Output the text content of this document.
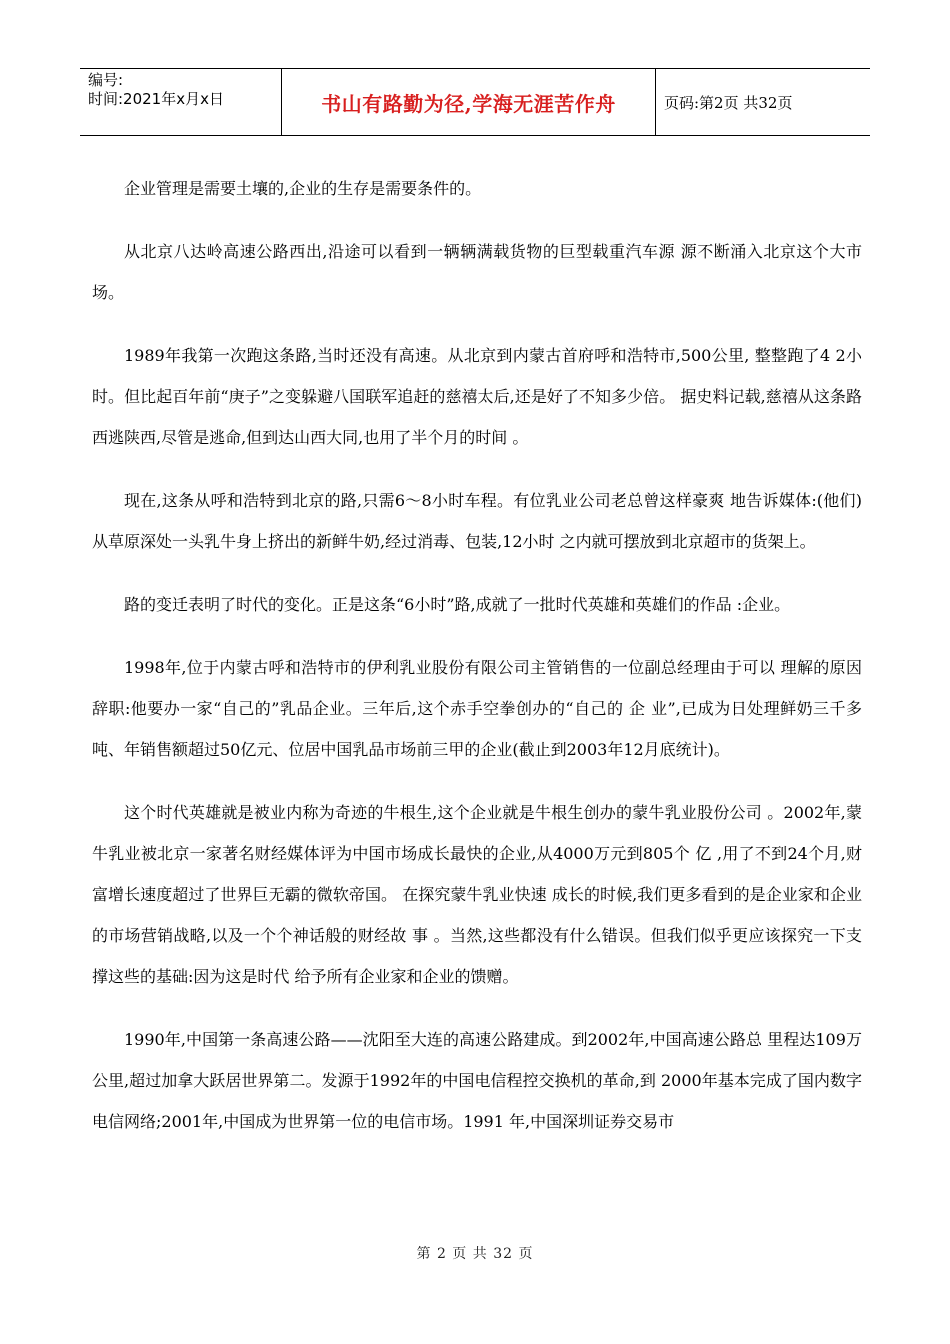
编号:
时间:2021年x月x日	书山有路勤为径,学海无涯苦作舟	页码:第2页 共32页

企业管理是需要土壤的,企业的生存是需要条件的。

从北京八达岭高速公路西出,沿途可以看到一辆辆满载货物的巨型载重汽车源 源不断涌入北京这个大市场。

1989年我第一次跑这条路,当时还没有高速。从北京到内蒙古首府呼和浩特市,500公里, 整整跑了4 2小时。但比起百年前“庚子”之变躲避八国联军追赶的慈禧太后,还是好了不知多少倍。 据史料记载,慈禧从这条路西逃陕西,尽管是逃命,但到达山西大同,也用了半个月的时间 。

现在,这条从呼和浩特到北京的路,只需6～8小时车程。有位乳业公司老总曾这样豪爽 地告诉媒体:(他们)从草原深处一头乳牛身上挤出的新鲜牛奶,经过消毒、包装,12小时 之内就可摆放到北京超市的货架上。

路的变迁表明了时代的变化。正是这条“6小时”路,成就了一批时代英雄和英雄们的作品 :企业。

1998年,位于内蒙古呼和浩特市的伊利乳业股份有限公司主管销售的一位副总经理由于可以 理解的原因辞职:他要办一家“自己的”乳品企业。三年后,这个赤手空拳创办的“自己的 企 业”,已成为日处理鲜奶三千多吨、年销售额超过50亿元、位居中国乳品市场前三甲的企业(截止到2003年12月底统计)。

这个时代英雄就是被业内称为奇迹的牛根生,这个企业就是牛根生创办的蒙牛乳业股份公司 。2002年,蒙牛乳业被北京一家著名财经媒体评为中国市场成长最快的企业,从4000万元到805个 亿 ,用了不到24个月,财富增长速度超过了世界巨无霸的微软帝国。 在探究蒙牛乳业快速 成长的时候,我们更多看到的是企业家和企业的市场营销战略,以及一个个神话般的财经故 事 。当然,这些都没有什么错误。但我们似乎更应该探究一下支撑这些的基础:因为这是时代 给予所有企业家和企业的馈赠。

1990年,中国第一条高速公路——沈阳至大连的高速公路建成。到2002年,中国高速公路总 里程达109万公里,超过加拿大跃居世界第二。发源于1992年的中国电信程控交换机的革命,到 2000年基本完成了国内数字电信网络;2001年,中国成为世界第一位的电信市场。1991 年,中国深圳证券交易市

第 2 页 共 32 页
